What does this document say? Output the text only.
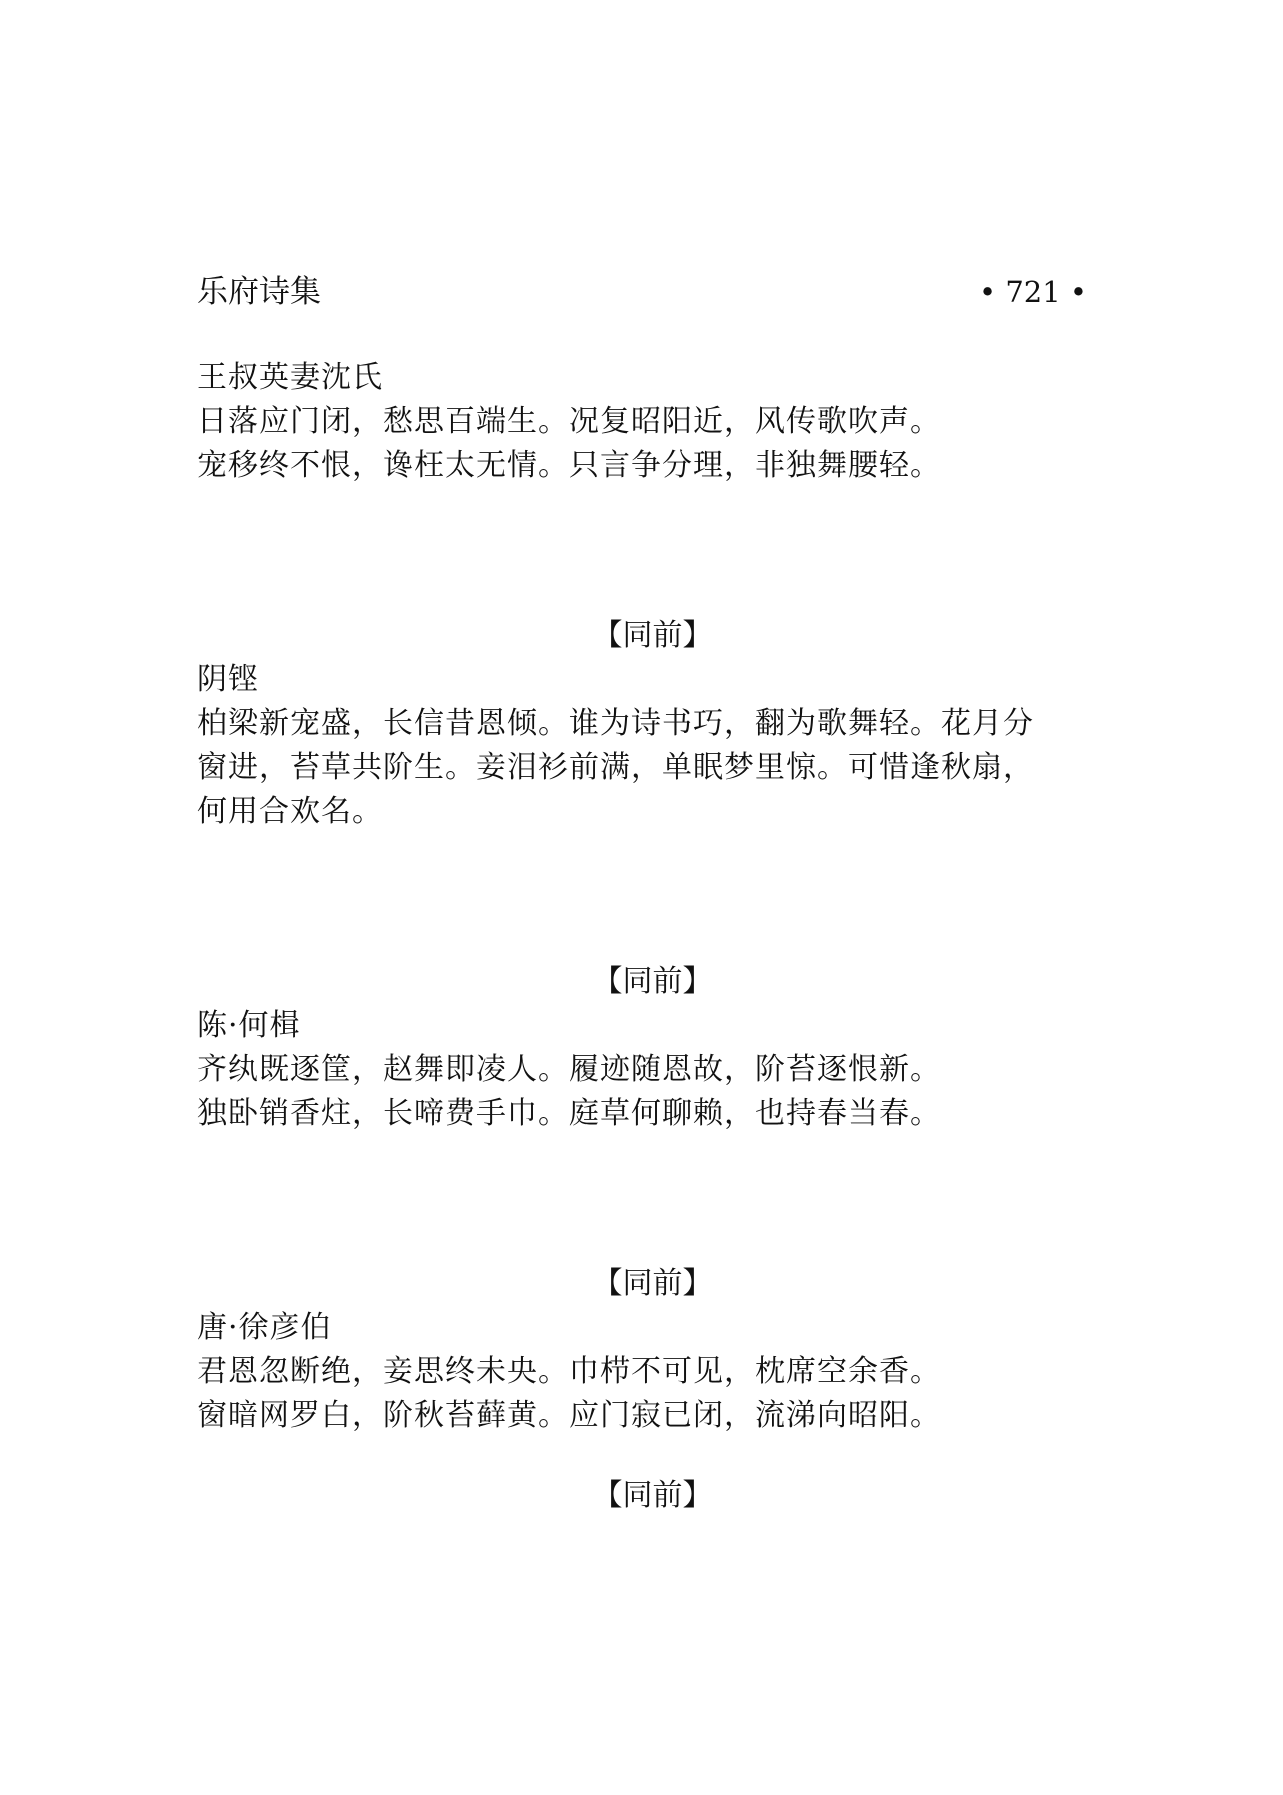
乐府诗集	• 721 •
王叔英妻沈氏
日落应门闭，愁思百端生。况复昭阳近，风传歌吹声。
宠移终不恨，谗枉太无情。只言争分理，非独舞腰轻。
【同前】
阴铿
柏梁新宠盛，长信昔恩倾。谁为诗书巧，翻为歌舞轻。花月分
窗进，苔草共阶生。妾泪衫前满，单眠梦里惊。可惜逢秋扇，
何用合欢名。
【同前】
陈·何楫
齐纨既逐筐，赵舞即凌人。履迹随恩故，阶苔逐恨新。
独卧销香炷，长啼费手巾。庭草何聊赖，也持春当春。
【同前】
唐·徐彦伯
君恩忽断绝，妾思终未央。巾栉不可见，枕席空余香。
窗暗网罗白，阶秋苔藓黄。应门寂已闭，流涕向昭阳。
【同前】
